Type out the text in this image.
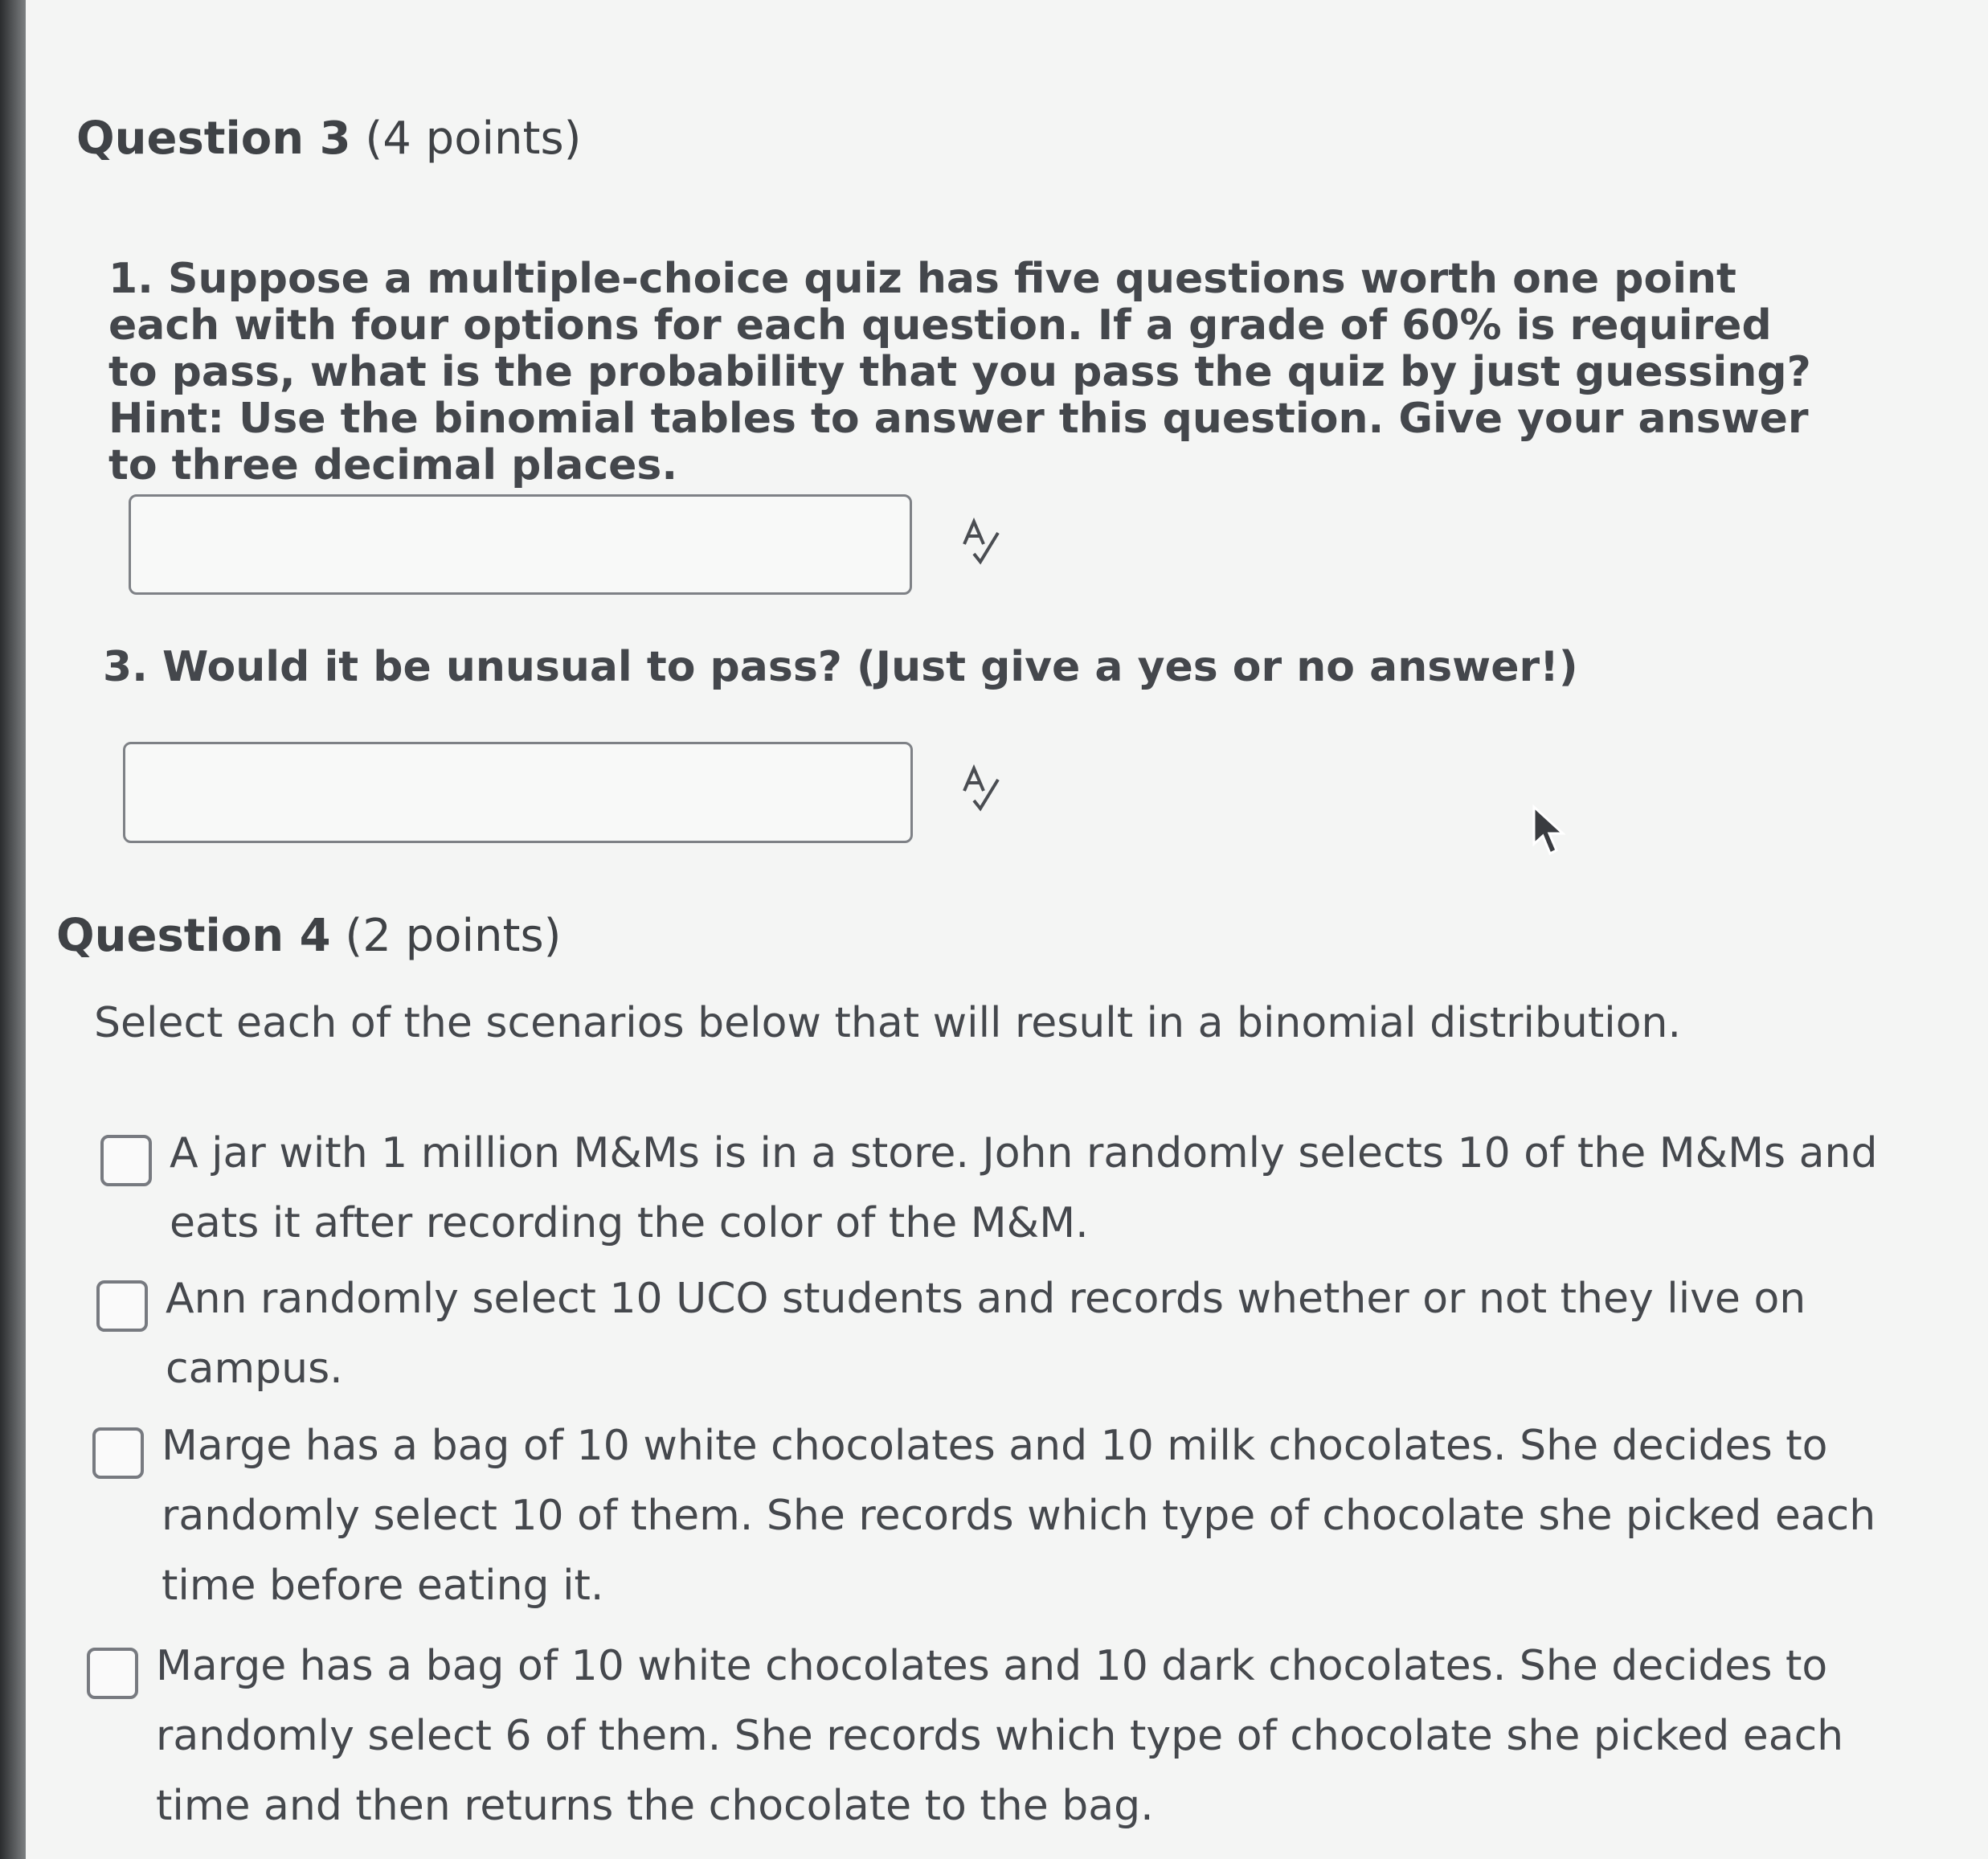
Question 3 (4 points)
1. Suppose a multiple-choice quiz has five questions worth one point each with four options for each question. If a grade of 60% is required to pass, what is the probability that you pass the quiz by just guessing? Hint: Use the binomial tables to answer this question. Give your answer to three decimal places.
3. Would it be unusual to pass? (Just give a yes or no answer!)
Question 4 (2 points)
Select each of the scenarios below that will result in a binomial distribution.
A jar with 1 million M&Ms is in a store. John randomly selects 10 of the M&Ms and eats it after recording the color of the M&M.
Ann randomly select 10 UCO students and records whether or not they live on campus.
Marge has a bag of 10 white chocolates and 10 milk chocolates. She decides to randomly select 10 of them. She records which type of chocolate she picked each time before eating it.
Marge has a bag of 10 white chocolates and 10 dark chocolates. She decides to randomly select 6 of them. She records which type of chocolate she picked each time and then returns the chocolate to the bag.
